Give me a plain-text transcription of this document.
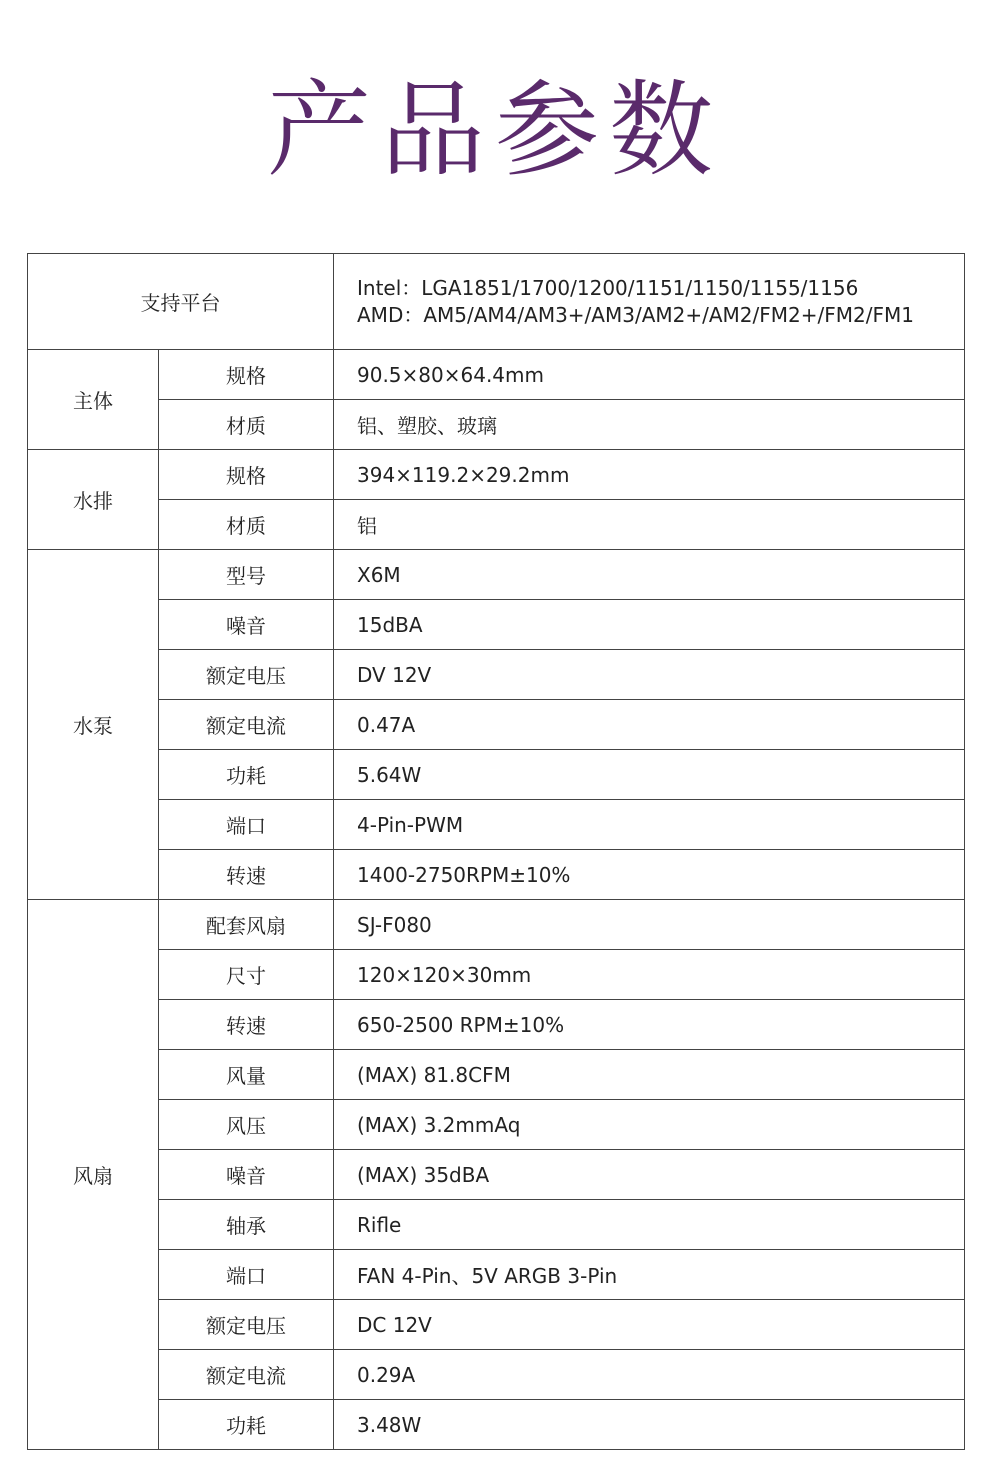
产品参数
支持平台		Intel：LGA1851/1700/1200/1151/1150/1155/1156
AMD：AM5/AM4/AM3+/AM3/AM2+/AM2/FM2+/FM2/FM1

主体	规格	90.5×80×64.4mm
	材质	铝、塑胶、玻璃
水排	规格	394×119.2×29.2mm
	材质	铝
水泵	型号	X6M
	噪音	15dBA
	额定电压	DV 12V
	额定电流	0.47A
	功耗	5.64W
	端口	4-Pin-PWM
	转速	1400-2750RPM±10%
风扇	配套风扇	SJ-F080
	尺寸	120×120×30mm
	转速	650-2500 RPM±10%
	风量	(MAX) 81.8CFM
	风压	(MAX) 3.2mmAq
	噪音	(MAX) 35dBA
	轴承	Rifle
	端口	FAN 4-Pin、5V ARGB 3-Pin
	额定电压	DC 12V
	额定电流	0.29A
	功耗	3.48W
